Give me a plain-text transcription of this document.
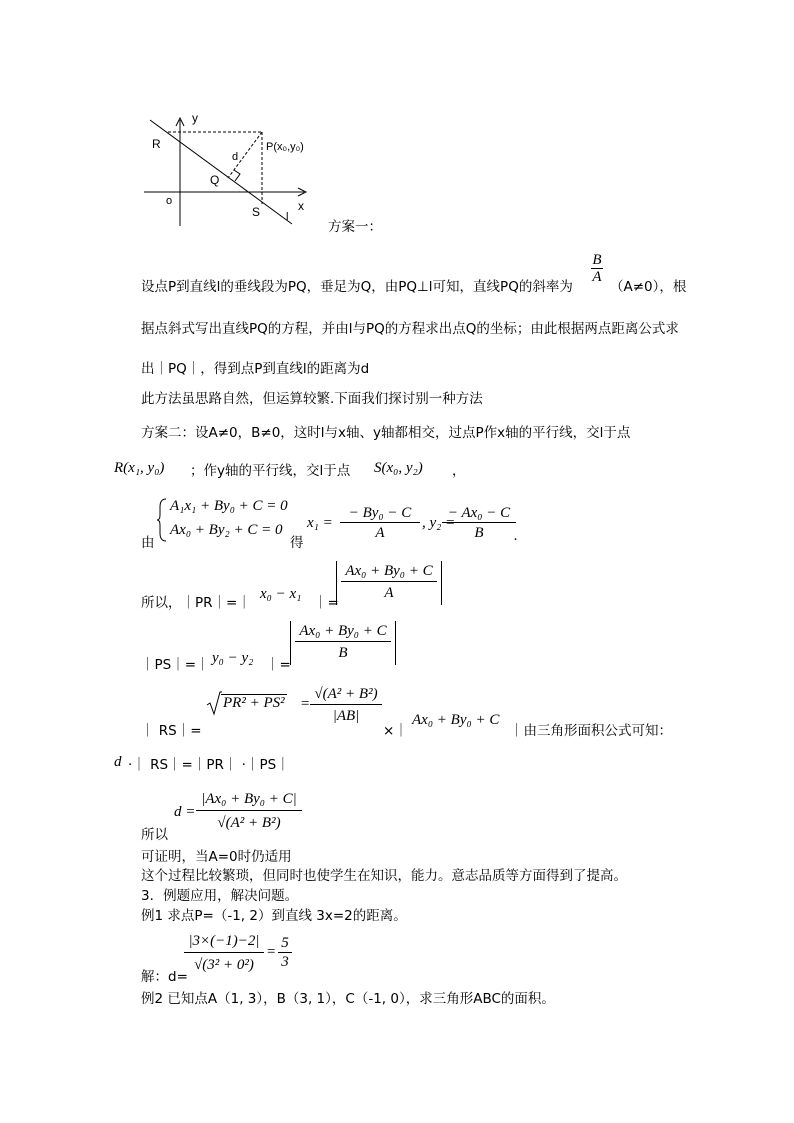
y
x
o
R
Q
S
d
l
P(x₀,y₀)
方案一：
$\frac{B}{A}$
设点P到直线l的垂线段为PQ，垂足为Q，由PQ⊥l可知，直线PQ的斜率为	（A≠0），根
据点斜式写出直线PQ的方程，并由l与PQ的方程求出点Q的坐标；由此根据两点距离公式求
出｜PQ｜，得到点P到直线l的距离为d
此方法虽思路自然，但运算较繁.下面我们探讨别一种方法
方案二：设A≠0，B≠0，这时l与x轴、y轴都相交，过点P作x轴的平行线，交l于点
R(x₁, y₀) ；作y轴的平行线，交l于点 S(x₀, y₂) ，
A₁x₁ + By₀ + C = 0
Ax₀ + By₂ + C = 0
由	得
$x_1 = \frac{\text{− By₀ − C}}{A}$ , y₂ =
$\frac{\text{− Ax₀ − C}}{B}$
.
所以，｜PR｜=｜
x₀ − x₁
｜=
$\frac{\text{Ax₀ + By₀ + C}}{A}$
｜PS｜=｜ y₀ − y₂ ｜= $\frac{\text{Ax₀ + By₀ + C}}{B}$
｜ RS｜=
$PR^2 + PS^2 = \frac{\text{√(A² + B²)}}{|AB|}$
×｜
Ax₀ + By₀ + C
｜由三角形面积公式可知：
d ·｜ RS｜=｜PR｜ ·｜PS｜
$d = \frac{\text{|Ax₀ + By₀ + C|}}{\text{√(A² + B²)}}$
所以
可证明，当A=0时仍适用
这个过程比较繁琐，但同时也使学生在知识，能力。意志品质等方面得到了提高。
3．例题应用，解决问题。
例1 求点P=（-1, 2）到直线 3x=2的距离。
$\frac{|3\times(-1)-2|}{\text{√(3² + 0²)}} = \frac{5}{3}$
解：d=
例2 已知点A（1, 3），B（3, 1），C（-1, 0），求三角形ABC的面积。
